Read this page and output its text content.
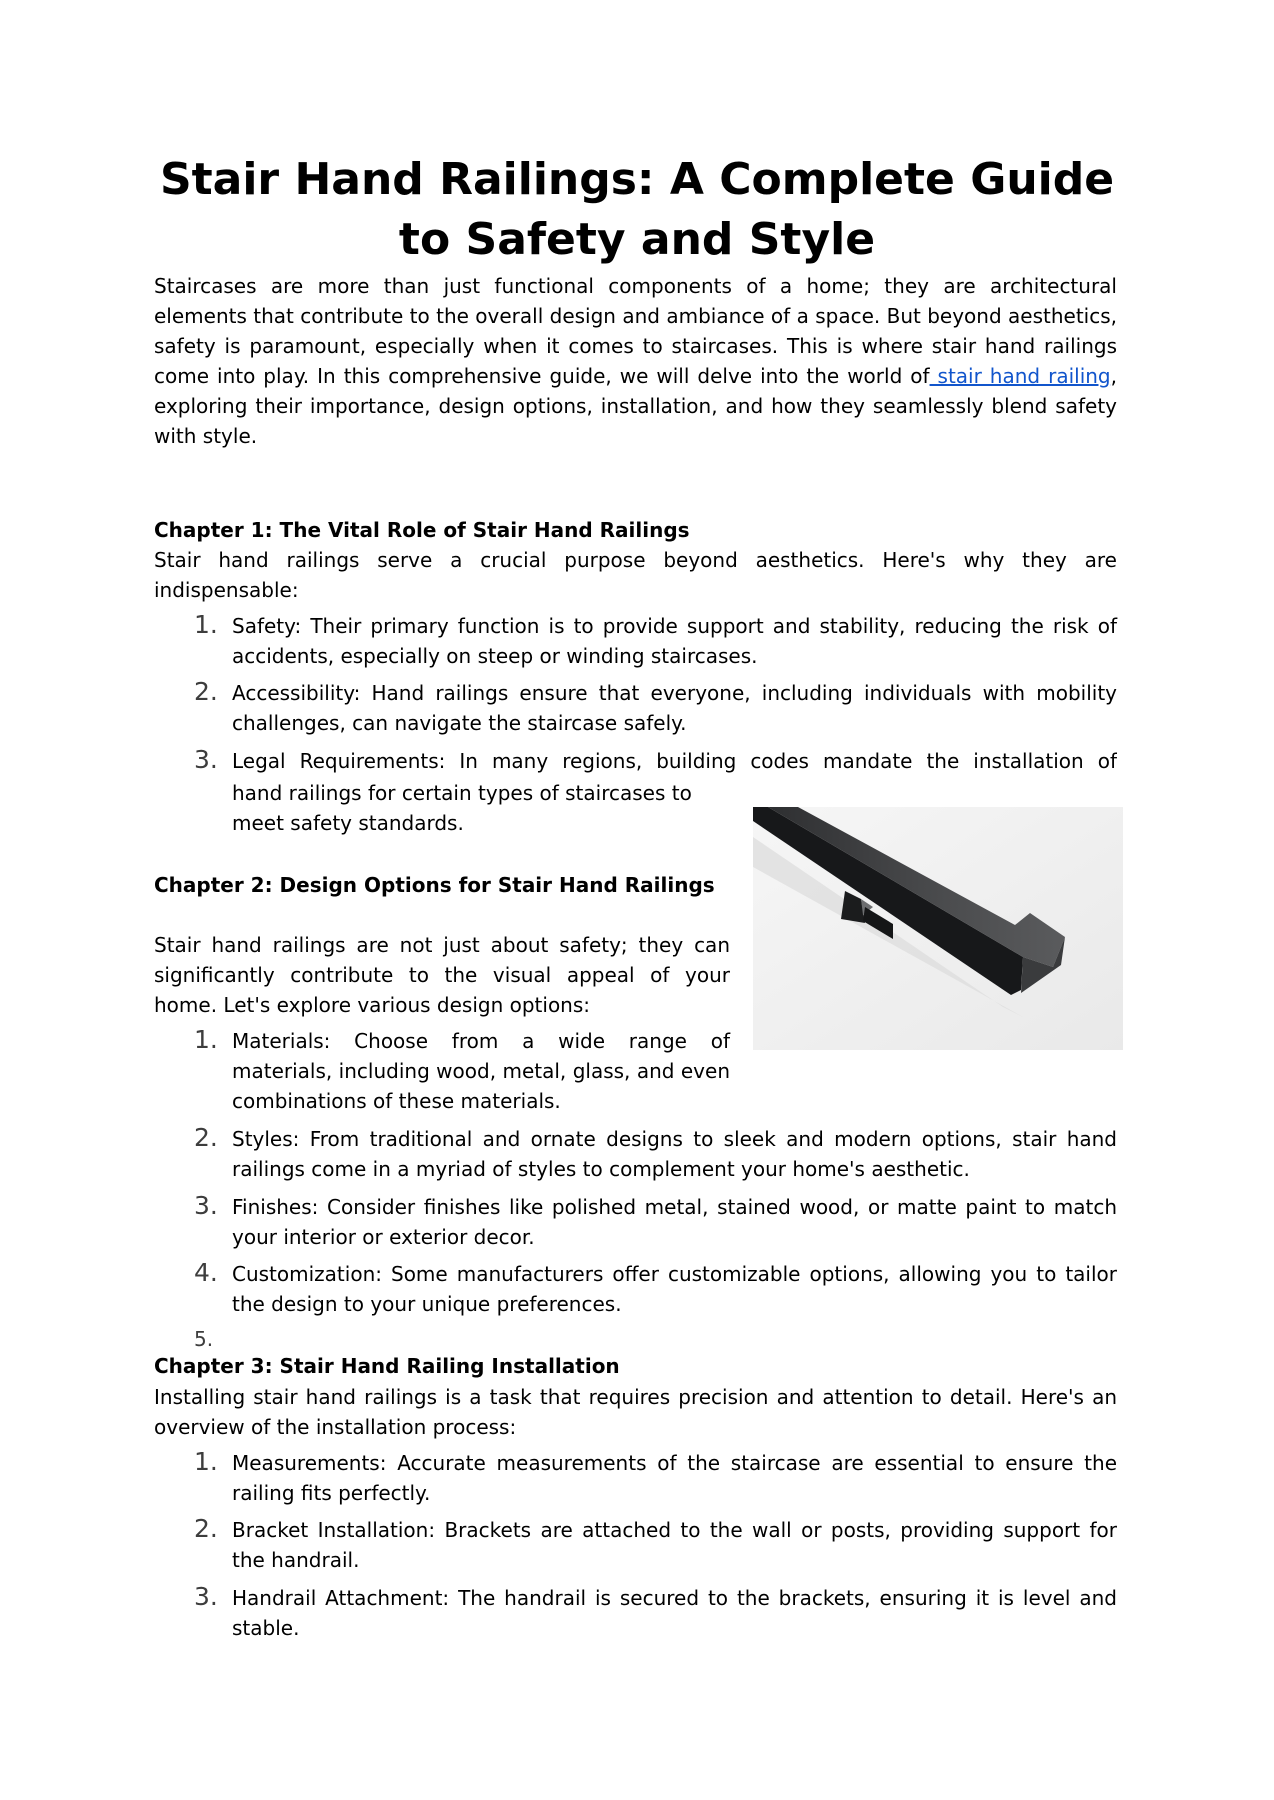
Stair Hand Railings: A Complete Guide
to Safety and Style

Staircases are more than just functional components of a home; they are architectural elements that contribute to the overall design and ambiance of a space. But beyond aesthetics, safety is paramount, especially when it comes to staircases. This is where stair hand railings come into play. In this comprehensive guide, we will delve into the world of stair hand railing, exploring their importance, design options, installation, and how they seamlessly blend safety with style.

Chapter 1: The Vital Role of Stair Hand Railings

Stair hand railings serve a crucial purpose beyond aesthetics. Here's why they are indispensable:

1. Safety: Their primary function is to provide support and stability, reducing the risk of accidents, especially on steep or winding staircases.

2. Accessibility: Hand railings ensure that everyone, including individuals with mobility challenges, can navigate the staircase safely.

3. Legal Requirements: In many regions, building codes mandate the installation of

hand railings for certain types of staircases to

meet safety standards.

Chapter 2: Design Options for Stair Hand Railings

Stair hand railings are not just about safety; they can significantly contribute to the visual appeal of your home. Let's explore various design options:

1. Materials: Choose from a wide range of materials, including wood, metal, glass, and even combinations of these materials.

2. Styles: From traditional and ornate designs to sleek and modern options, stair hand railings come in a myriad of styles to complement your home's aesthetic.

3. Finishes: Consider finishes like polished metal, stained wood, or matte paint to match your interior or exterior decor.

4. Customization: Some manufacturers offer customizable options, allowing you to tailor the design to your unique preferences.

5.
Chapter 3: Stair Hand Railing Installation

Installing stair hand railings is a task that requires precision and attention to detail. Here's an overview of the installation process:

1. Measurements: Accurate measurements of the staircase are essential to ensure the railing fits perfectly.

2. Bracket Installation: Brackets are attached to the wall or posts, providing support for the handrail.

3. Handrail Attachment: The handrail is secured to the brackets, ensuring it is level and stable.
